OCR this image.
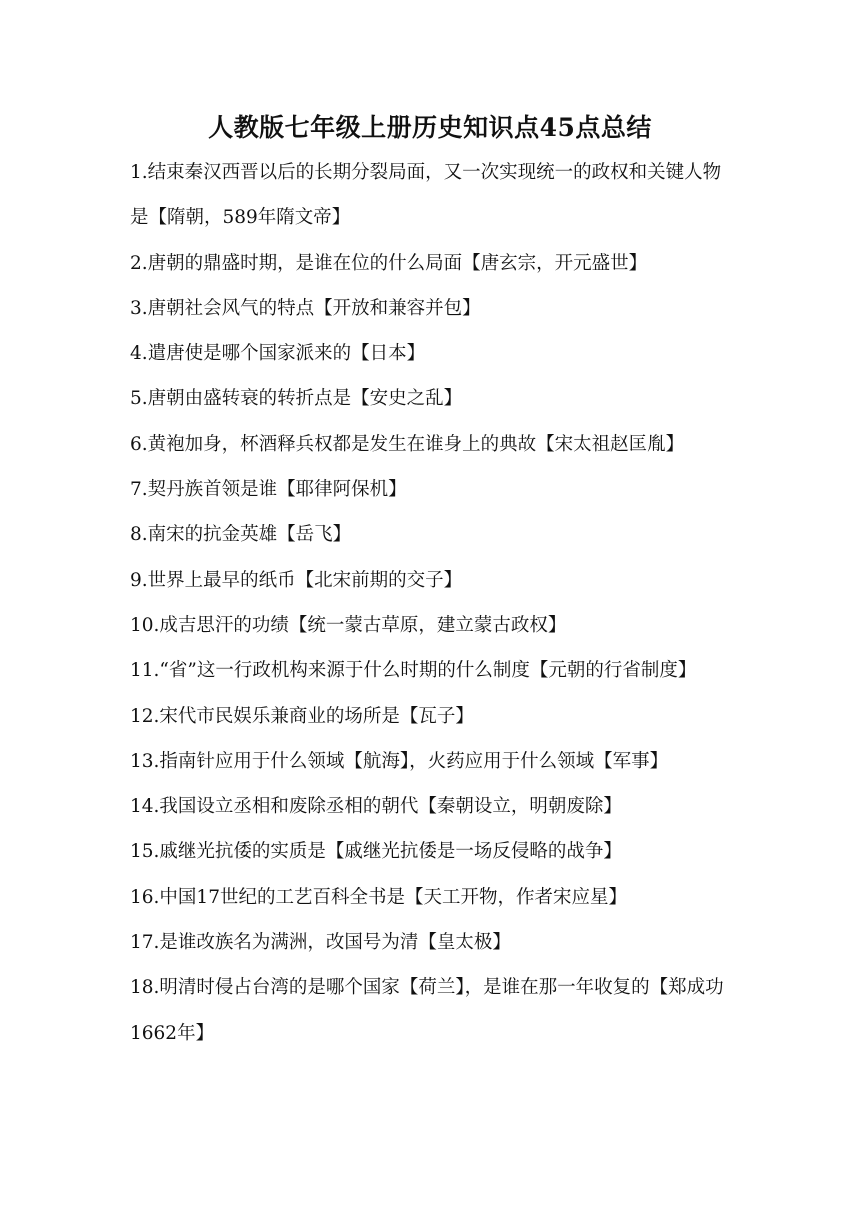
人教版七年级上册历史知识点45点总结
1.结束秦汉西晋以后的长期分裂局面，又一次实现统一的政权和关键人物是【隋朝，589年隋文帝】
2.唐朝的鼎盛时期，是谁在位的什么局面【唐玄宗，开元盛世】
3.唐朝社会风气的特点【开放和兼容并包】
4.遣唐使是哪个国家派来的【日本】
5.唐朝由盛转衰的转折点是【安史之乱】
6.黄袍加身，杯酒释兵权都是发生在谁身上的典故【宋太祖赵匡胤】
7.契丹族首领是谁【耶律阿保机】
8.南宋的抗金英雄【岳飞】
9.世界上最早的纸币【北宋前期的交子】
10.成吉思汗的功绩【统一蒙古草原，建立蒙古政权】
11.“省”这一行政机构来源于什么时期的什么制度【元朝的行省制度】
12.宋代市民娱乐兼商业的场所是【瓦子】
13.指南针应用于什么领域【航海】，火药应用于什么领域【军事】
14.我国设立丞相和废除丞相的朝代【秦朝设立，明朝废除】
15.戚继光抗倭的实质是【戚继光抗倭是一场反侵略的战争】
16.中国17世纪的工艺百科全书是【天工开物，作者宋应星】
17.是谁改族名为满洲，改国号为清【皇太极】
18.明清时侵占台湾的是哪个国家【荷兰】，是谁在那一年收复的【郑成功1662年】
